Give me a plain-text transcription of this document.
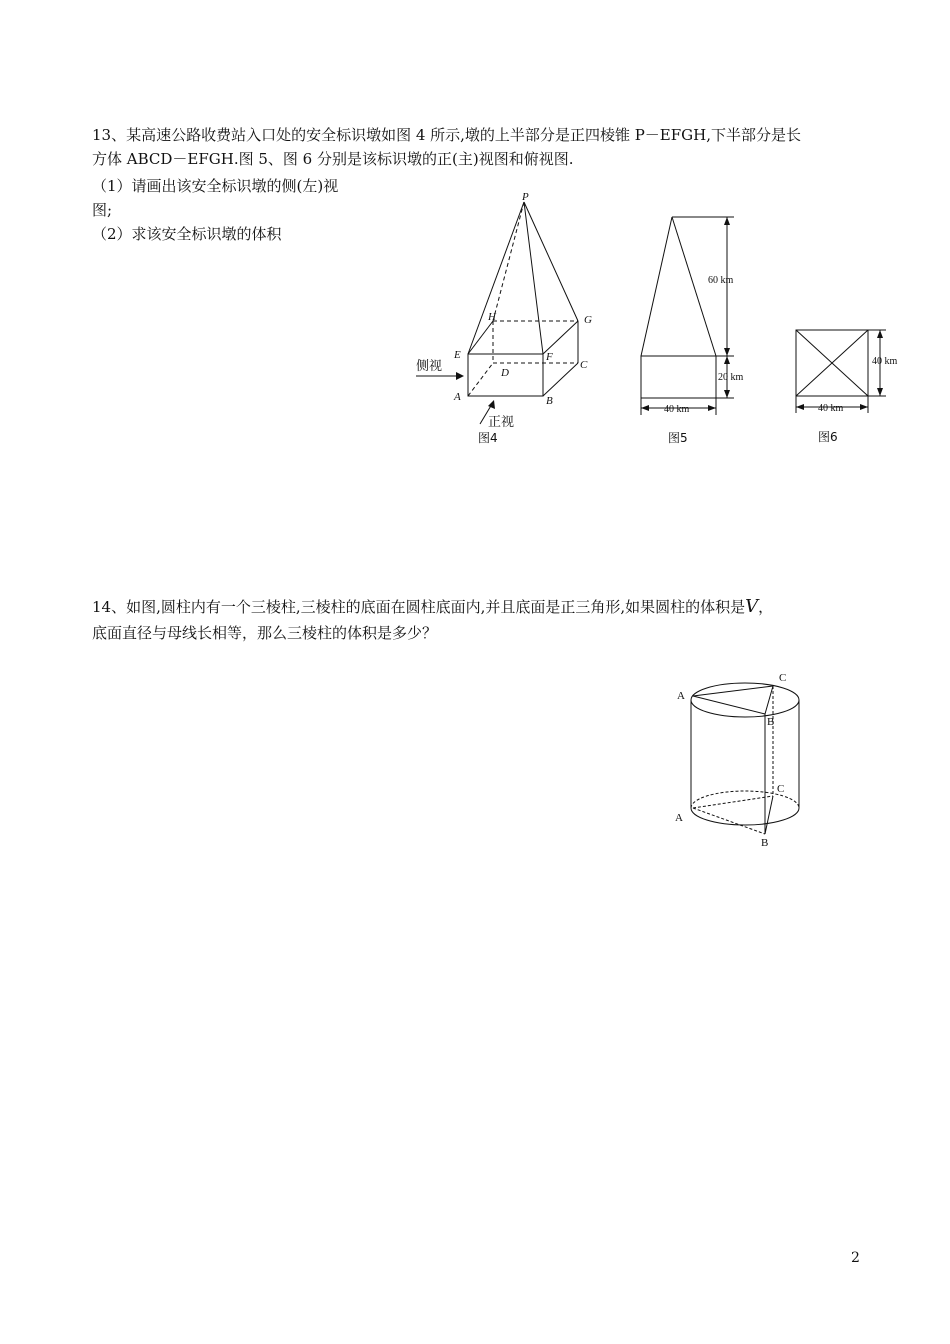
13、某高速公路收费站入口处的安全标识墩如图 4 所示,墩的上半部分是正四棱锥 P－EFGH,下半部分是长
方体 ABCD－EFGH.图 5、图 6 分别是该标识墩的正(主)视图和俯视图.
（1）请画出该安全标识墩的侧(左)视
图;
（2）求该安全标识墩的体积
P
E	F
G
H
A	B
C
D
侧视
正视
图4
60 km
20 km
40 km
图5
40 km
40 km
图6
14、如图,圆柱内有一个三棱柱,三棱柱的底面在圆柱底面内,并且底面是正三角形,如果圆柱的体积是V，
底面直径与母线长相等，那么三棱柱的体积是多少？
A
B
C
A
B
C
2
